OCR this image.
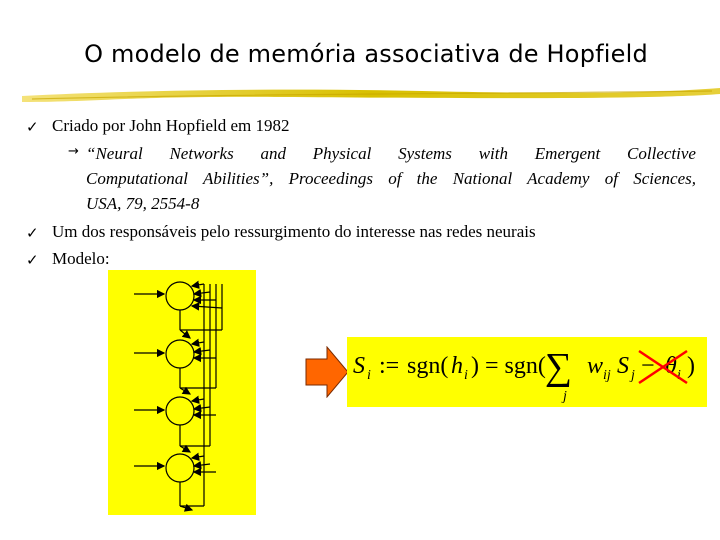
O modelo de memória associativa de Hopfield
✓ Criado por John Hopfield em 1982
→ “Neural Networks and Physical Systems with Emergent Collective
Computational Abilities”, Proceedings of the National Academy of Sciences,
USA, 79, 2554-8
✓ Um dos responsáveis pelo ressurgimento do interesse nas redes neurais
✓ Modelo:
S i := sgn( h i ) = sgn( ∑
j
w ij S j − θ i )
